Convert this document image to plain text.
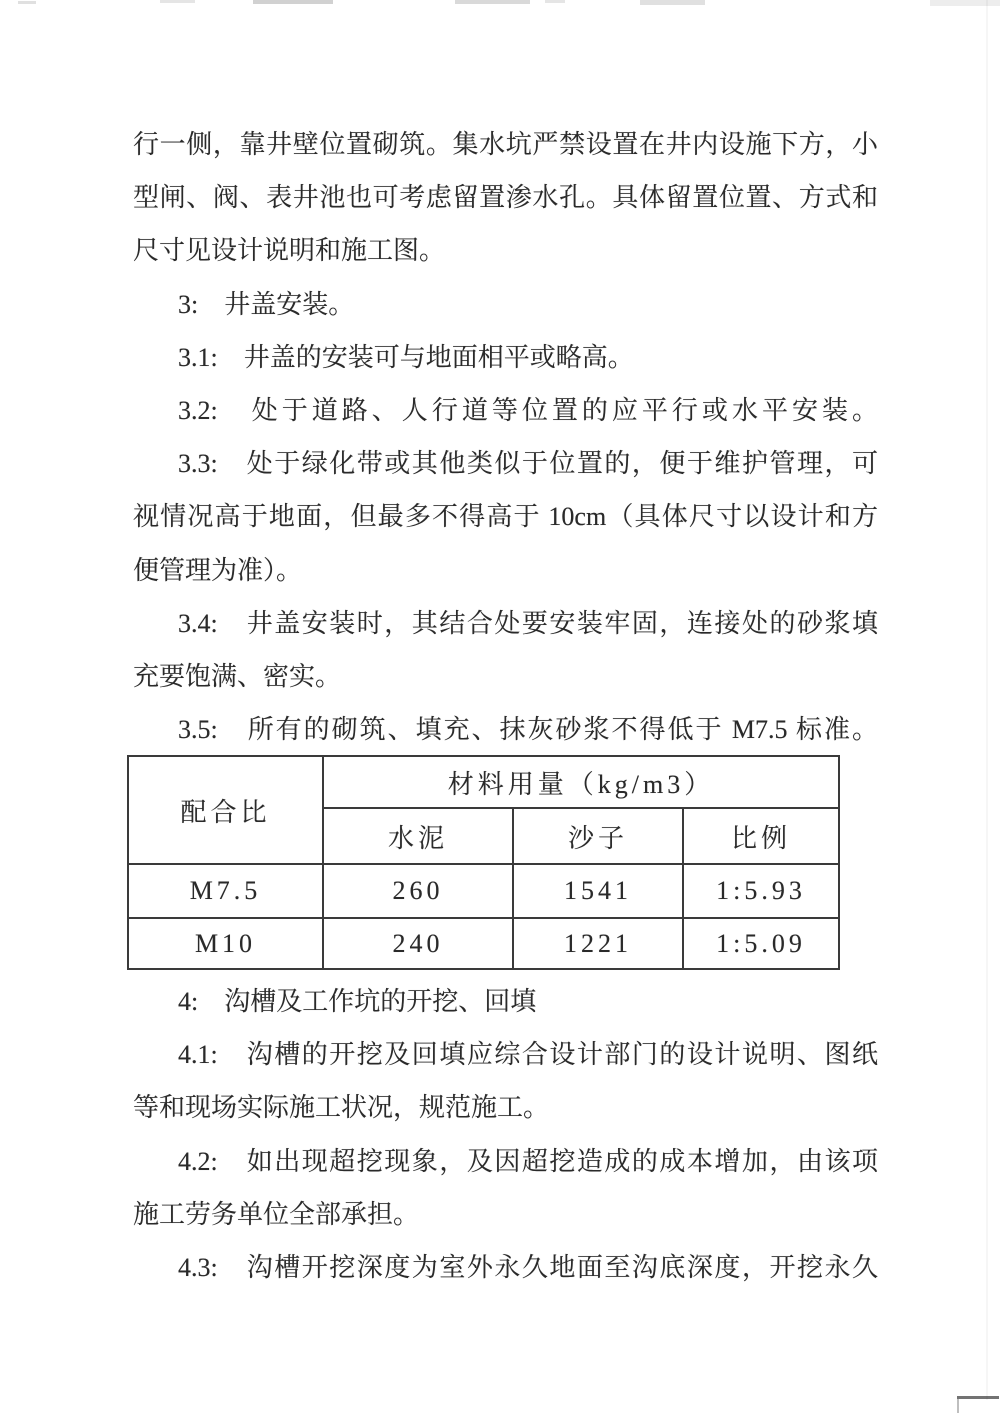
行一侧，靠井壁位置砌筑。集水坑严禁设置在井内设施下方，小
型闸、阀、表井池也可考虑留置渗水孔。具体留置位置、方式和
尺寸见设计说明和施工图。
3:　井盖安装。
3.1:　井盖的安装可与地面相平或略高。
3.2:　处于道路、人行道等位置的应平行或水平安装。
3.3:　处于绿化带或其他类似于位置的，便于维护管理，可
视情况高于地面，但最多不得高于 10cm（具体尺寸以设计和方
便管理为准）。
3.4:　井盖安装时，其结合处要安装牢固，连接处的砂浆填
充要饱满、密实。
3.5:　所有的砌筑、填充、抹灰砂浆不得低于 M7.5 标准。
配合比	材料用量（kg/m3）		
	水泥	沙子	比例
M7.5	260	1541	1:5.93
M10	240	1221	1:5.09
4:　沟槽及工作坑的开挖、回填
4.1:　沟槽的开挖及回填应综合设计部门的设计说明、图纸
等和现场实际施工状况，规范施工。
4.2:　如出现超挖现象，及因超挖造成的成本增加，由该项
施工劳务单位全部承担。
4.3:　沟槽开挖深度为室外永久地面至沟底深度，开挖永久
